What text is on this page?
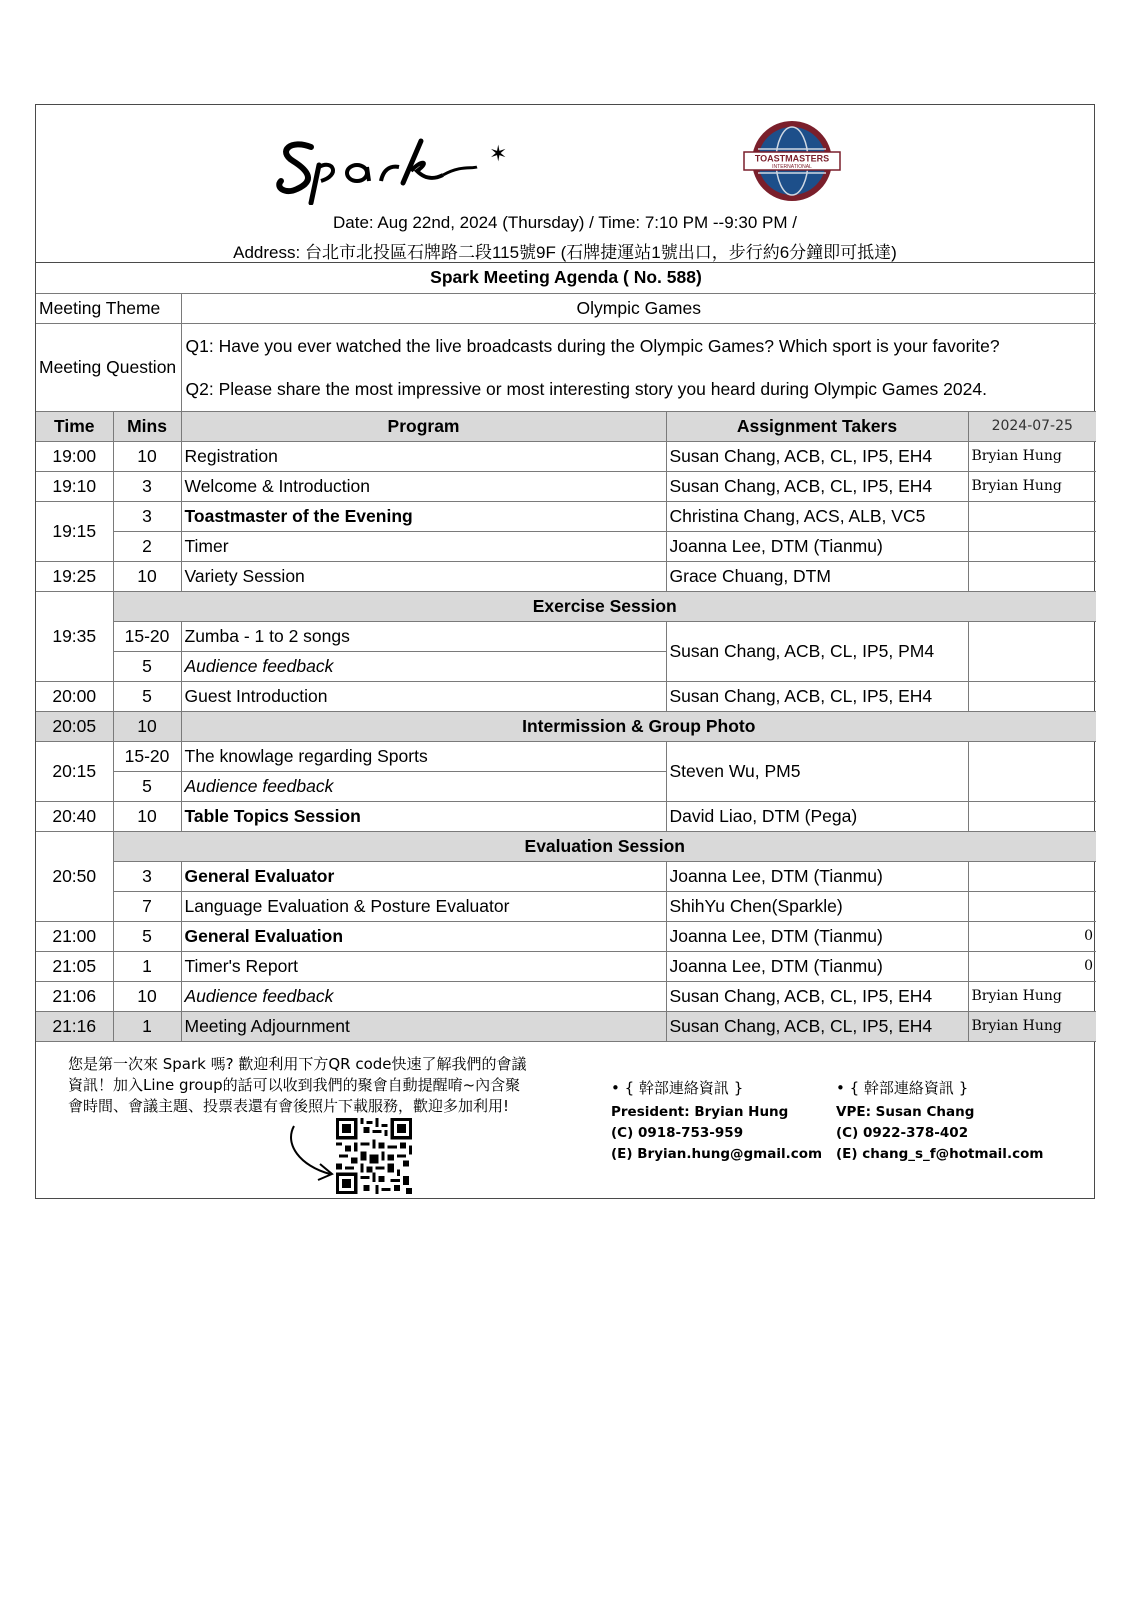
✶	TOASTMASTERS
INTERNATIONAL
Date: Aug 22nd, 2024 (Thursday) / Time: 7:10 PM --9:30 PM /
Address: 台北市北投區石牌路二段115號9F (石牌捷運站1號出口，步行約6分鐘即可抵達)
Spark Meeting Agenda ( No. 588)				
Meeting Theme		Olympic Games		
Meeting Question		Q1: Have you ever watched the live broadcasts during the Olympic Games? Which sport is your favorite?
Q2: Please share the most impressive or most interesting story you heard during Olympic Games 2024.		

Time	Mins	Program	Assignment Takers	2024-07-25
19:00	10	Registration	Susan Chang, ACB, CL, IP5, EH4	Bryian Hung
19:10	3	Welcome & Introduction	Susan Chang, ACB, CL, IP5, EH4	Bryian Hung
19:15	3	Toastmaster of the Evening	Christina Chang, ACS, ALB, VC5	
	2	Timer	Joanna Lee, DTM (Tianmu)	
19:25	10	Variety Session	Grace Chuang, DTM	
19:35	Exercise Session			
	15-20	Zumba - 1 to 2 songs	Susan Chang, ACB, CL, IP5, PM4	
	5	Audience feedback		
20:00	5	Guest Introduction	Susan Chang, ACB, CL, IP5, EH4	
20:05	10	Intermission & Group Photo		
20:15	15-20	The knowlage regarding Sports	Steven Wu, PM5	
	5	Audience feedback		
20:40	10	Table Topics Session	David Liao, DTM (Pega)	
20:50	Evaluation Session			
	3	General Evaluator	Joanna Lee, DTM (Tianmu)	
	7	Language Evaluation & Posture Evaluator	ShihYu Chen(Sparkle)	
21:00	5	General Evaluation	Joanna Lee, DTM (Tianmu)	0
21:05	1	Timer's Report	Joanna Lee, DTM (Tianmu)	0
21:06	10	Audience feedback	Susan Chang, ACB, CL, IP5, EH4	Bryian Hung
21:16	1	Meeting Adjournment	Susan Chang, ACB, CL, IP5, EH4	Bryian Hung
您是第一次來 Spark 嗎? 歡迎利用下方QR code快速了解我們的會議
資訊！加入Line group的話可以收到我們的聚會自動提醒唷~內含聚
會時間、會議主題、投票表還有會後照片下載服務，歡迎多加利用!
• { 幹部連絡資訊 }
President: Bryian Hung
(C) 0918-753-959
(E) Bryian.hung@gmail.com
• { 幹部連絡資訊 }
VPE: Susan Chang
(C) 0922-378-402
(E) chang_s_f@hotmail.com
